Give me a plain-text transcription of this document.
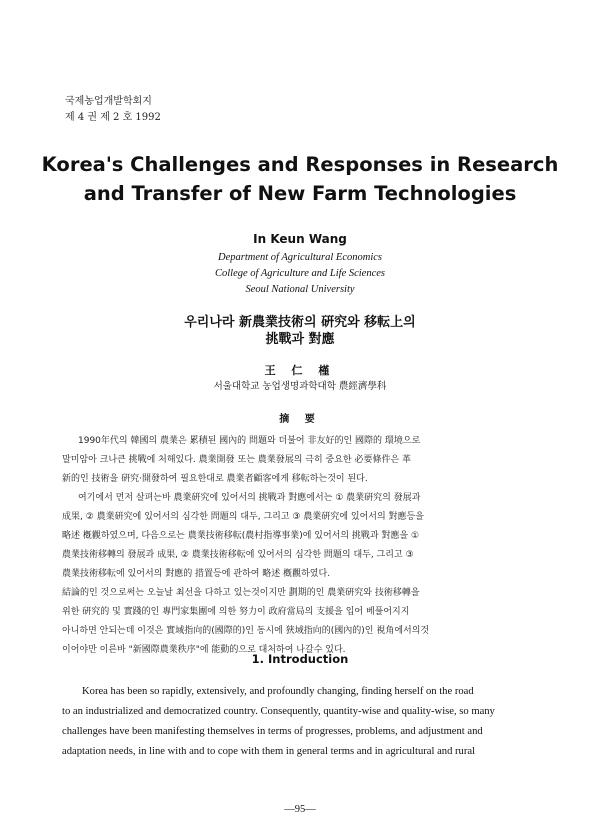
국제농업개발학회지
제 4 권 제 2 호 1992
Korea's Challenges and Responses in Research
and Transfer of New Farm Technologies
In Keun Wang
Department of Agricultural Economics
College of Agriculture and Life Sciences
Seoul National University
우리나라 新農業技術의 硏究와 移転上의
挑戰과 對應
王 仁 槿
서울대학교 농업생명과학대학 農經濟學科
摘 要
1990年代의 韓國의 農業은 累積된 國內的 問題와 더불어 非友好的인 國際的 環境으로
말미암아 크나큰 挑戰에 처해있다. 農業開發 또는 農業發展의 극히 중요한 必要條件은 革
新的인 技術을 硏究·開發하여 필요한대로 農業者顧客에게 移転하는것이 된다.
여기에서 먼저 살펴는바 農業硏究에 있어서의 挑戰과 對應에서는 ① 農業硏究의 發展과
成果, ② 農業硏究에 있어서의 심각한 問題의 대두, 그리고 ③ 農業硏究에 있어서의 對應등을
略述 槪觀하였으며, 다음으로는 農業技術移転(農村指導事業)에 있어서의 挑戰과 對應을 ①
農業技術移轉의 發展과 成果, ② 農業技術移転에 있어서의 심각한 問題의 대두, 그리고 ③
農業技術移転에 있어서의 對應的 措置등에 관하여 略述 槪觀하였다.
結論的인 것으로써는 오늘날 최선을 다하고 있는것이지만 劃期的인 農業硏究와 技術移轉을
위한 硏究的 및 實踐的인 專門家集團에 의한 努力이 政府當局의 支援을 입어 베풀어지지
아니하면 안되는데 이것은 實域指向的(國際的)인 동시에 狹域指向的(國內的)인 視角에서의것
이어야만 이른바 "新國際農業秩序"에 能動的으로 대처하여 나갈수 있다.
1. Introduction
Korea has been so rapidly, extensively, and profoundly changing, finding herself on the road
to an industrialized and democratized country. Consequently, quantity-wise and quality-wise, so many
challenges have been manifesting themselves in terms of progresses, problems, and adjustment and
adaptation needs, in line with and to cope with them in general terms and in agricultural and rural
—95—
